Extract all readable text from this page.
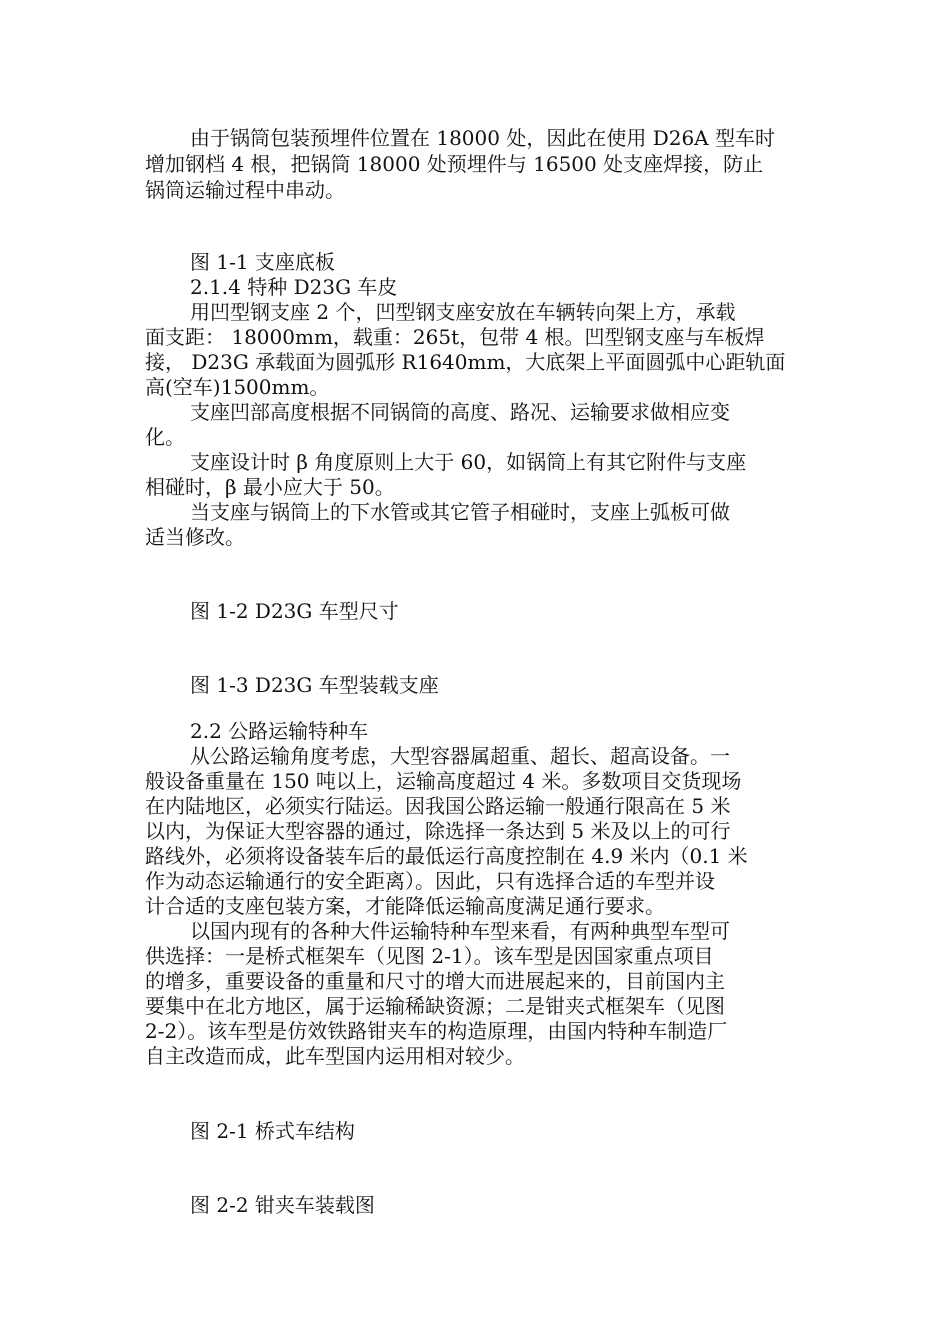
由于锅筒包装预埋件位置在 18000 处，因此在使用 D26A 型车时
增加钢档 4 根，把锅筒 18000 处预埋件与 16500 处支座焊接，防止
锅筒运输过程中串动。
图 1-1 支座底板
2.1.4 特种 D23G 车皮
用凹型钢支座 2 个，凹型钢支座安放在车辆转向架上方，承载
面支距： 18000mm，载重：265t，包带 4 根。凹型钢支座与车板焊
接， D23G 承载面为圆弧形 R1640mm，大底架上平面圆弧中心距轨面
高(空车)1500mm。
支座凹部高度根据不同锅筒的高度、路况、运输要求做相应变
化。
支座设计时 β 角度原则上大于 60，如锅筒上有其它附件与支座
相碰时，β 最小应大于 50。
当支座与锅筒上的下水管或其它管子相碰时，支座上弧板可做
适当修改。
图 1-2 D23G 车型尺寸
图 1-3 D23G 车型装载支座
2.2 公路运输特种车
从公路运输角度考虑，大型容器属超重、超长、超高设备。一
般设备重量在 150 吨以上，运输高度超过 4 米。多数项目交货现场
在内陆地区，必须实行陆运。因我国公路运输一般通行限高在 5 米
以内，为保证大型容器的通过，除选择一条达到 5 米及以上的可行
路线外，必须将设备装车后的最低运行高度控制在 4.9 米内（0.1 米
作为动态运输通行的安全距离）。因此，只有选择合适的车型并设
计合适的支座包装方案，才能降低运输高度满足通行要求。
以国内现有的各种大件运输特种车型来看，有两种典型车型可
供选择：一是桥式框架车（见图 2-1）。该车型是因国家重点项目
的增多，重要设备的重量和尺寸的增大而进展起来的，目前国内主
要集中在北方地区，属于运输稀缺资源；二是钳夹式框架车（见图
2-2）。该车型是仿效铁路钳夹车的构造原理，由国内特种车制造厂
自主改造而成，此车型国内运用相对较少。
图 2-1 桥式车结构
图 2-2 钳夹车装载图
